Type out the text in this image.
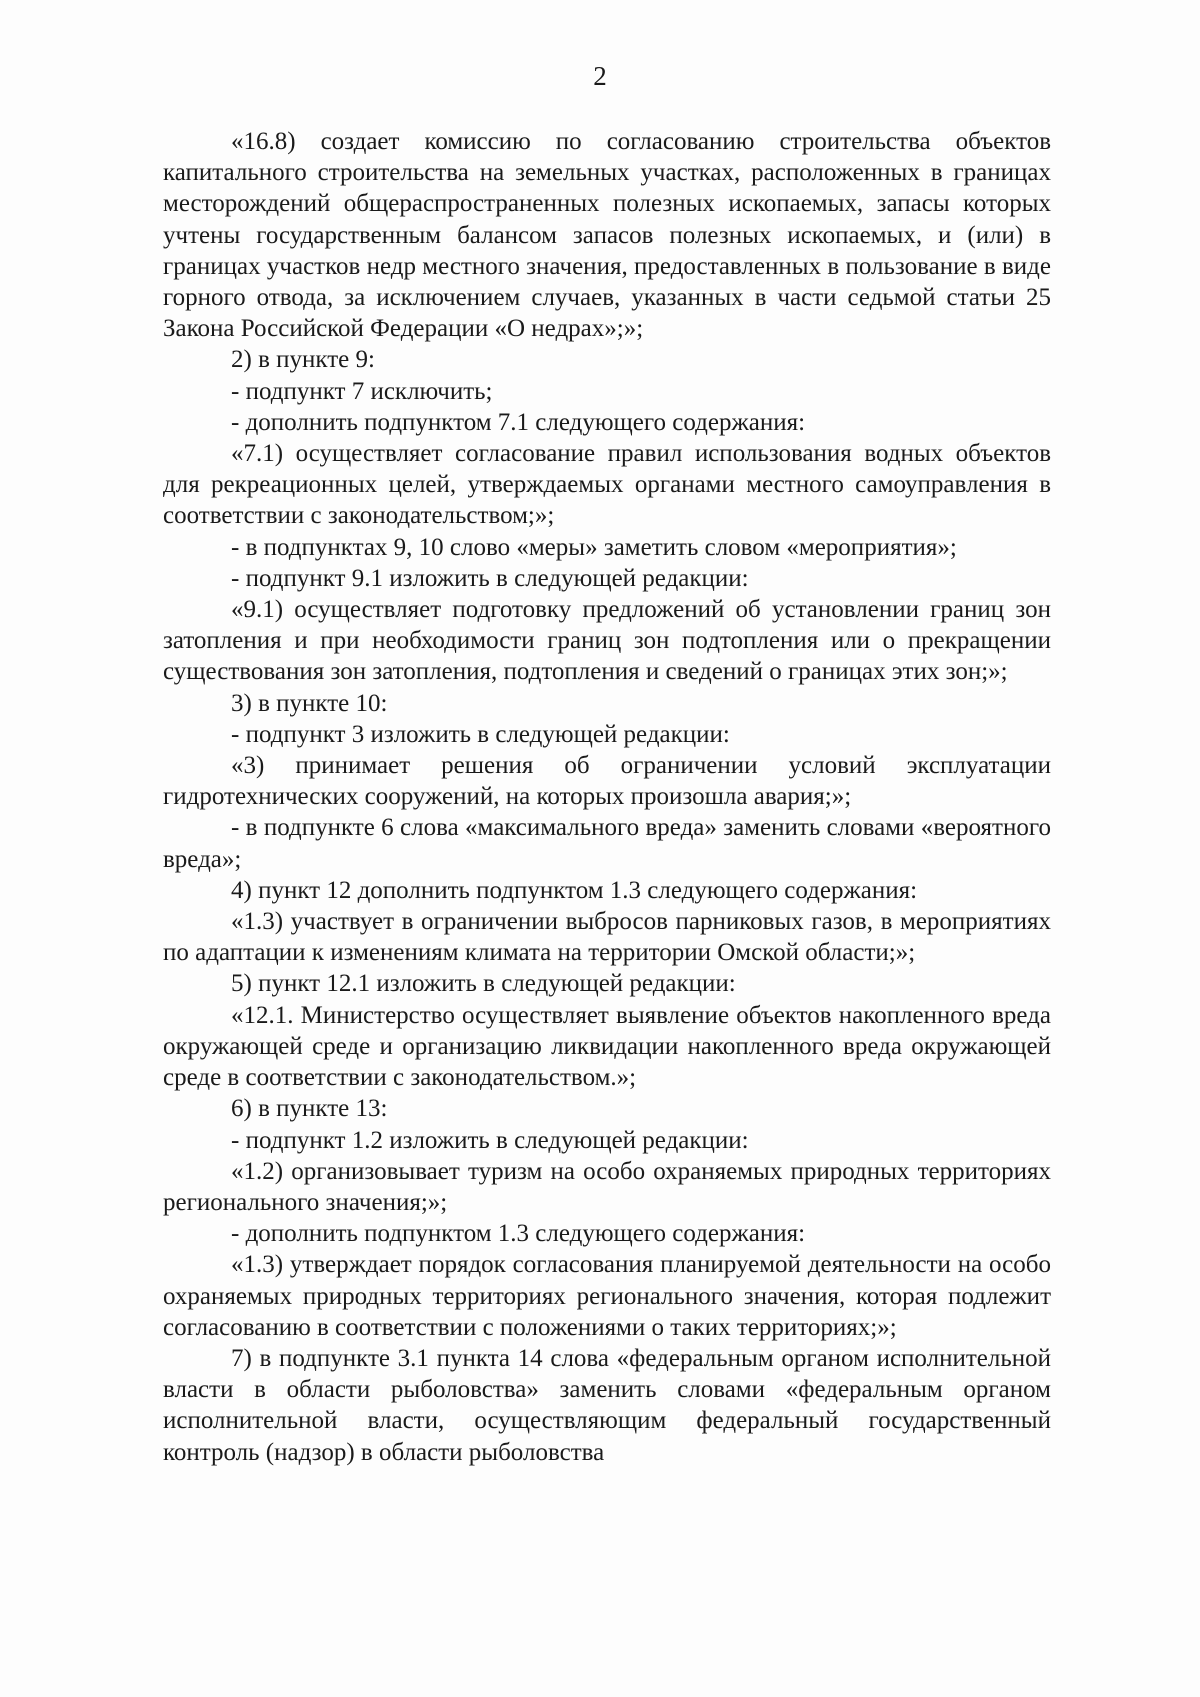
2

«16.8) создает комиссию по согласованию строительства объектов капитального строительства на земельных участках, расположенных в границах месторождений общераспространенных полезных ископаемых, запасы которых учтены государственным балансом запасов полезных ископаемых, и (или) в границах участков недр местного значения, предоставленных в пользование в виде горного отвода, за исключением случаев, указанных в части седьмой статьи 25 Закона Российской Федерации «О недрах»;»;

2) в пункте 9:

- подпункт 7 исключить;

- дополнить подпунктом 7.1 следующего содержания:

«7.1) осуществляет согласование правил использования водных объектов для рекреационных целей, утверждаемых органами местного самоуправления в соответствии с законодательством;»;

- в подпунктах 9, 10 слово «меры» заметить словом «мероприятия»;

- подпункт 9.1 изложить в следующей редакции:

«9.1) осуществляет подготовку предложений об установлении границ зон затопления и при необходимости границ зон подтопления или о прекращении существования зон затопления, подтопления и сведений о границах этих зон;»;

3) в пункте 10:

- подпункт 3 изложить в следующей редакции:

«3) принимает решения об ограничении условий эксплуатации гидротехнических сооружений, на которых произошла авария;»;

- в подпункте 6 слова «максимального вреда» заменить словами «вероятного вреда»;

4) пункт 12 дополнить подпунктом 1.3 следующего содержания:

«1.3) участвует в ограничении выбросов парниковых газов, в мероприятиях по адаптации к изменениям климата на территории Омской области;»;

5) пункт 12.1 изложить в следующей редакции:

«12.1. Министерство осуществляет выявление объектов накопленного вреда окружающей среде и организацию ликвидации накопленного вреда окружающей среде в соответствии с законодательством.»;

6) в пункте 13:

- подпункт 1.2 изложить в следующей редакции:

«1.2) организовывает туризм на особо охраняемых природных территориях регионального значения;»;

- дополнить подпунктом 1.3 следующего содержания:

«1.3) утверждает порядок согласования планируемой деятельности на особо охраняемых природных территориях регионального значения, которая подлежит согласованию в соответствии с положениями о таких территориях;»;

7) в подпункте 3.1 пункта 14 слова «федеральным органом исполнительной власти в области рыболовства» заменить словами «федеральным органом исполнительной власти, осуществляющим федеральный государственный контроль (надзор) в области рыболовства
